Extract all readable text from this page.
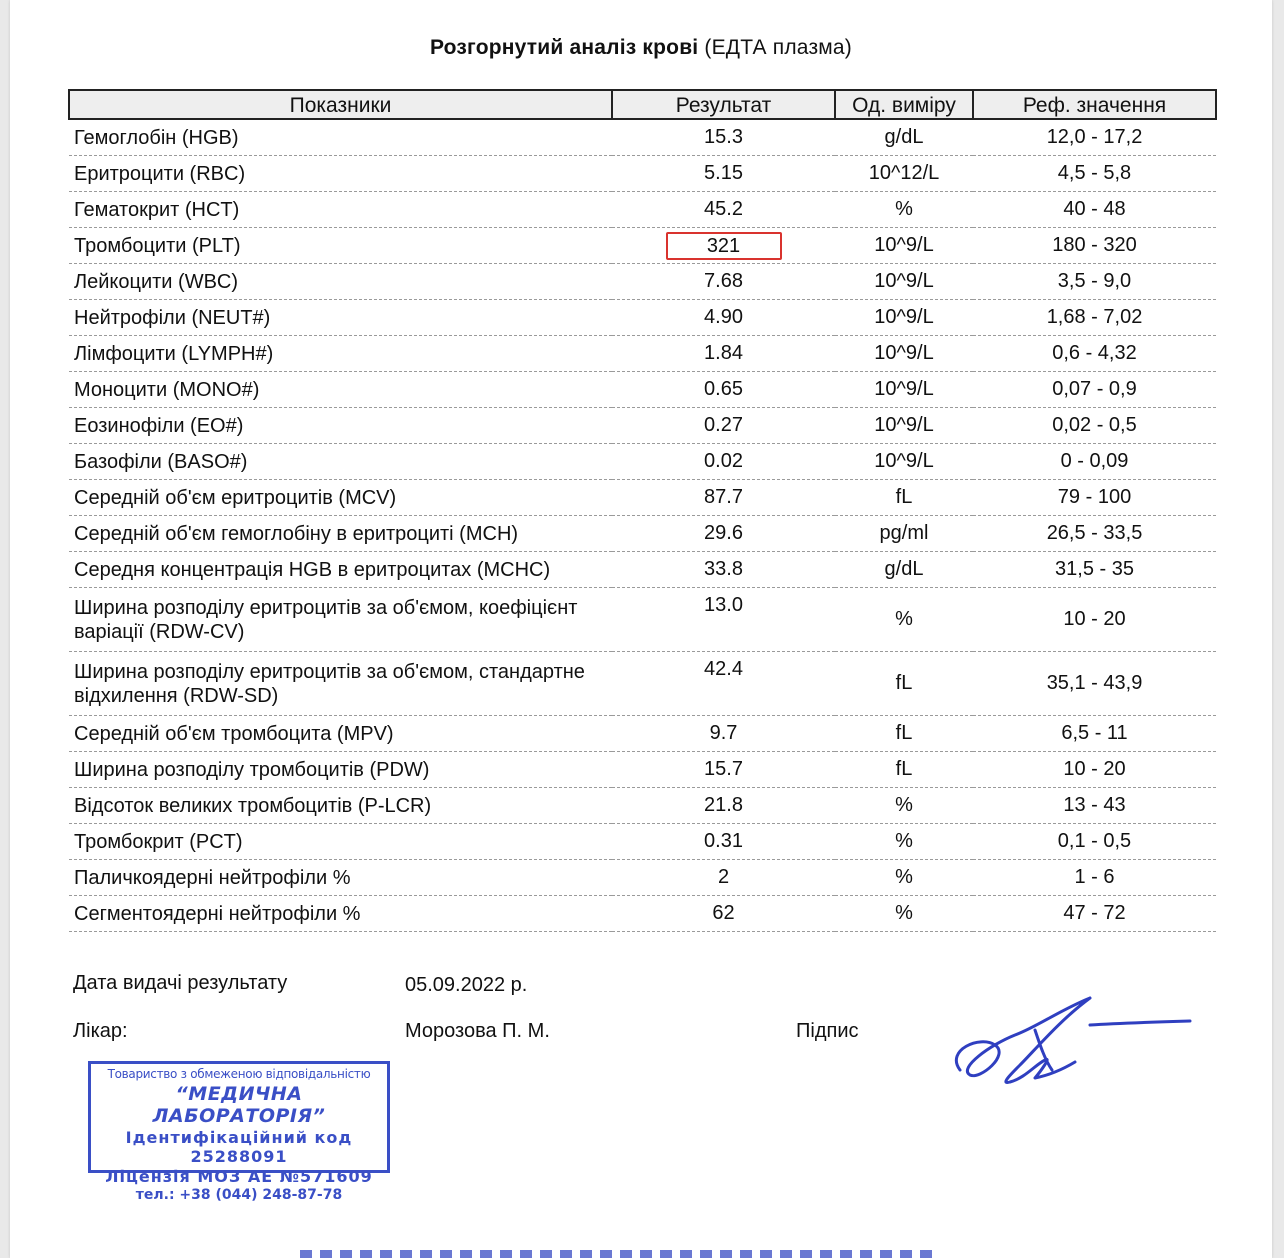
Розгорнутий аналіз крові (ЕДТА плазма)
Показники	Результат	Од. виміру	Реф. значення
Гемоглобін (HGB)	15.3	g/dL	12,0 - 17,2
Еритроцити (RBC)	5.15	10^12/L	4,5 - 5,8
Гематокрит (HCT)	45.2	%	40 - 48
Тромбоцити (PLT)	321	10^9/L	180 - 320
Лейкоцити (WBC)	7.68	10^9/L	3,5 - 9,0
Нейтрофіли (NEUT#)	4.90	10^9/L	1,68 - 7,02
Лімфоцити (LYMPH#)	1.84	10^9/L	0,6 - 4,32
Моноцити (MONO#)	0.65	10^9/L	0,07 - 0,9
Еозинофіли (EO#)	0.27	10^9/L	0,02 - 0,5
Базофіли (BASO#)	0.02	10^9/L	0 - 0,09
Середній об'єм еритроцитів (MCV)	87.7	fL	79 - 100
Середній об'єм гемоглобіну в еритроциті (MCH)	29.6	pg/ml	26,5 - 33,5
Середня концентрація HGB в еритроцитах (MCHC)	33.8	g/dL	31,5 - 35
Ширина розподілу еритроцитів за об'ємом, коефіцієнт варіації (RDW-CV)	13.0	%	10 - 20
Ширина розподілу еритроцитів за об'ємом, стандартне відхилення (RDW-SD)	42.4	fL	35,1 - 43,9
Середній об'єм тромбоцита (MPV)	9.7	fL	6,5 - 11
Ширина розподілу тромбоцитів (PDW)	15.7	fL	10 - 20
Відсоток великих тромбоцитів (P-LCR)	21.8	%	13 - 43
Тромбокрит (PCT)	0.31	%	0,1 - 0,5
Паличкоядерні нейтрофіли %	2	%	1 - 6
Сегментоядерні нейтрофіли %	62	%	47 - 72
Дата видачі результату	05.09.2022 р.
Лікар:	Морозова П. М.	Підпис
Товариство з обмеженою відповідальністю
“МЕДИЧНА ЛАБОРАТОРІЯ”
Ідентифікаційний код 25288091
Ліцензія МОЗ АЕ №571609
тел.: +38 (044) 248-87-78
